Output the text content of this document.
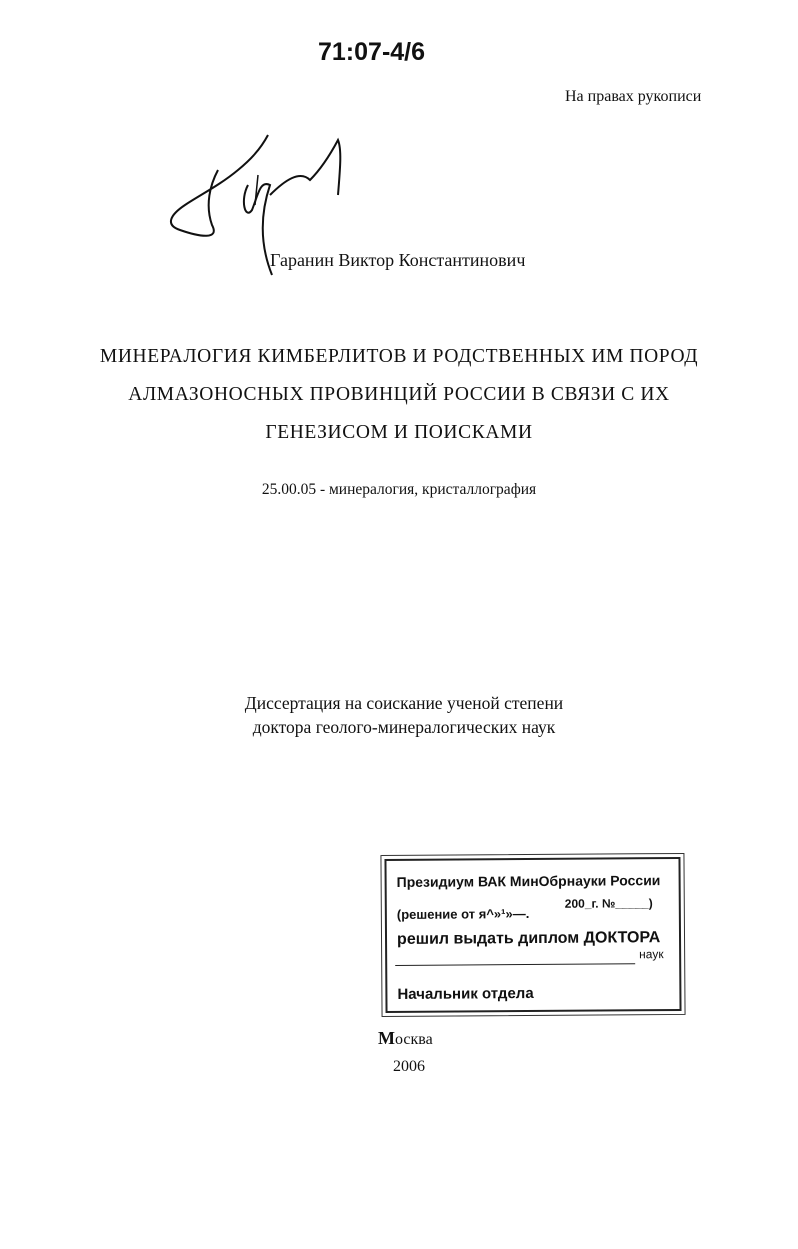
71:07-4/6
На правах рукописи
Гаранин Виктор Константинович
МИНЕРАЛОГИЯ КИМБЕРЛИТОВ И РОДСТВЕННЫХ ИМ ПОРОД
АЛМАЗОНОСНЫХ ПРОВИНЦИЙ РОССИИ В СВЯЗИ С ИХ
ГЕНЕЗИСОМ И ПОИСКАМИ
25.00.05 - минералогия, кристаллография
Диссертация на соискание ученой степени
доктора геолого-минералогических наук
Президиум ВАК МинОбрнауки России
(решение от я^»¹»—.
200_г. №_____)
решил выдать диплом ДОКТОРА
наук
Начальник отдела
Москва
2006
